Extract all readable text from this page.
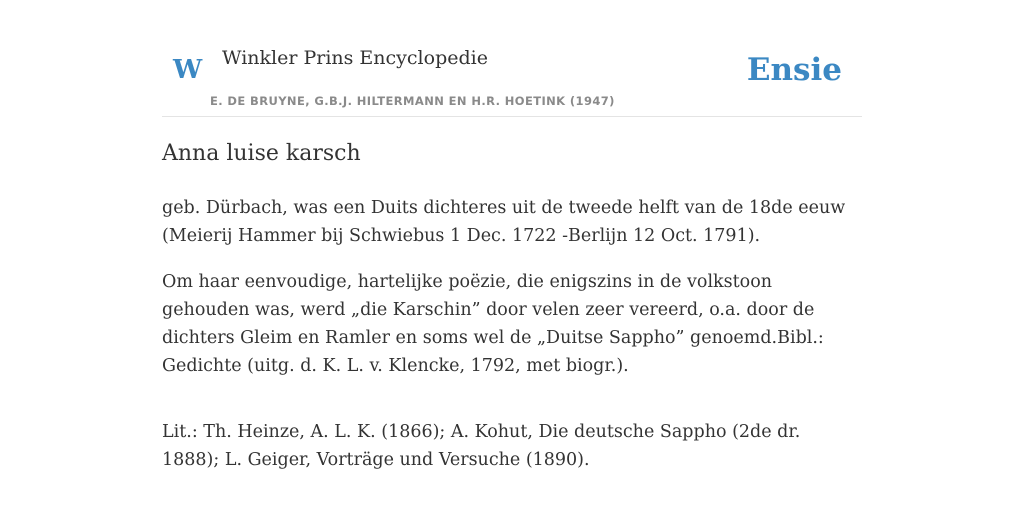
W Winkler Prins Encyclopedie
E. DE BRUYNE, G.B.J. HILTERMANN EN H.R. HOETINK (1947)
Ensie
Anna luise karsch

geb. Dürbach, was een Duits dichteres uit de tweede helft van de 18de eeuw (Meierij Hammer bij Schwiebus 1 Dec. 1722 -Berlijn 12 Oct. 1791).

Om haar eenvoudige, hartelijke poëzie, die enigszins in de volkstoon gehouden was, werd „die Karschin” door velen zeer vereerd, o.a. door de dichters Gleim en Ramler en soms wel de „Duitse Sappho” genoemd.Bibl.: Gedichte (uitg. d. K. L. v. Klencke, 1792, met biogr.).

Lit.: Th. Heinze, A. L. K. (1866); A. Kohut, Die deutsche Sappho (2de dr. 1888); L. Geiger, Vorträge und Versuche (1890).
